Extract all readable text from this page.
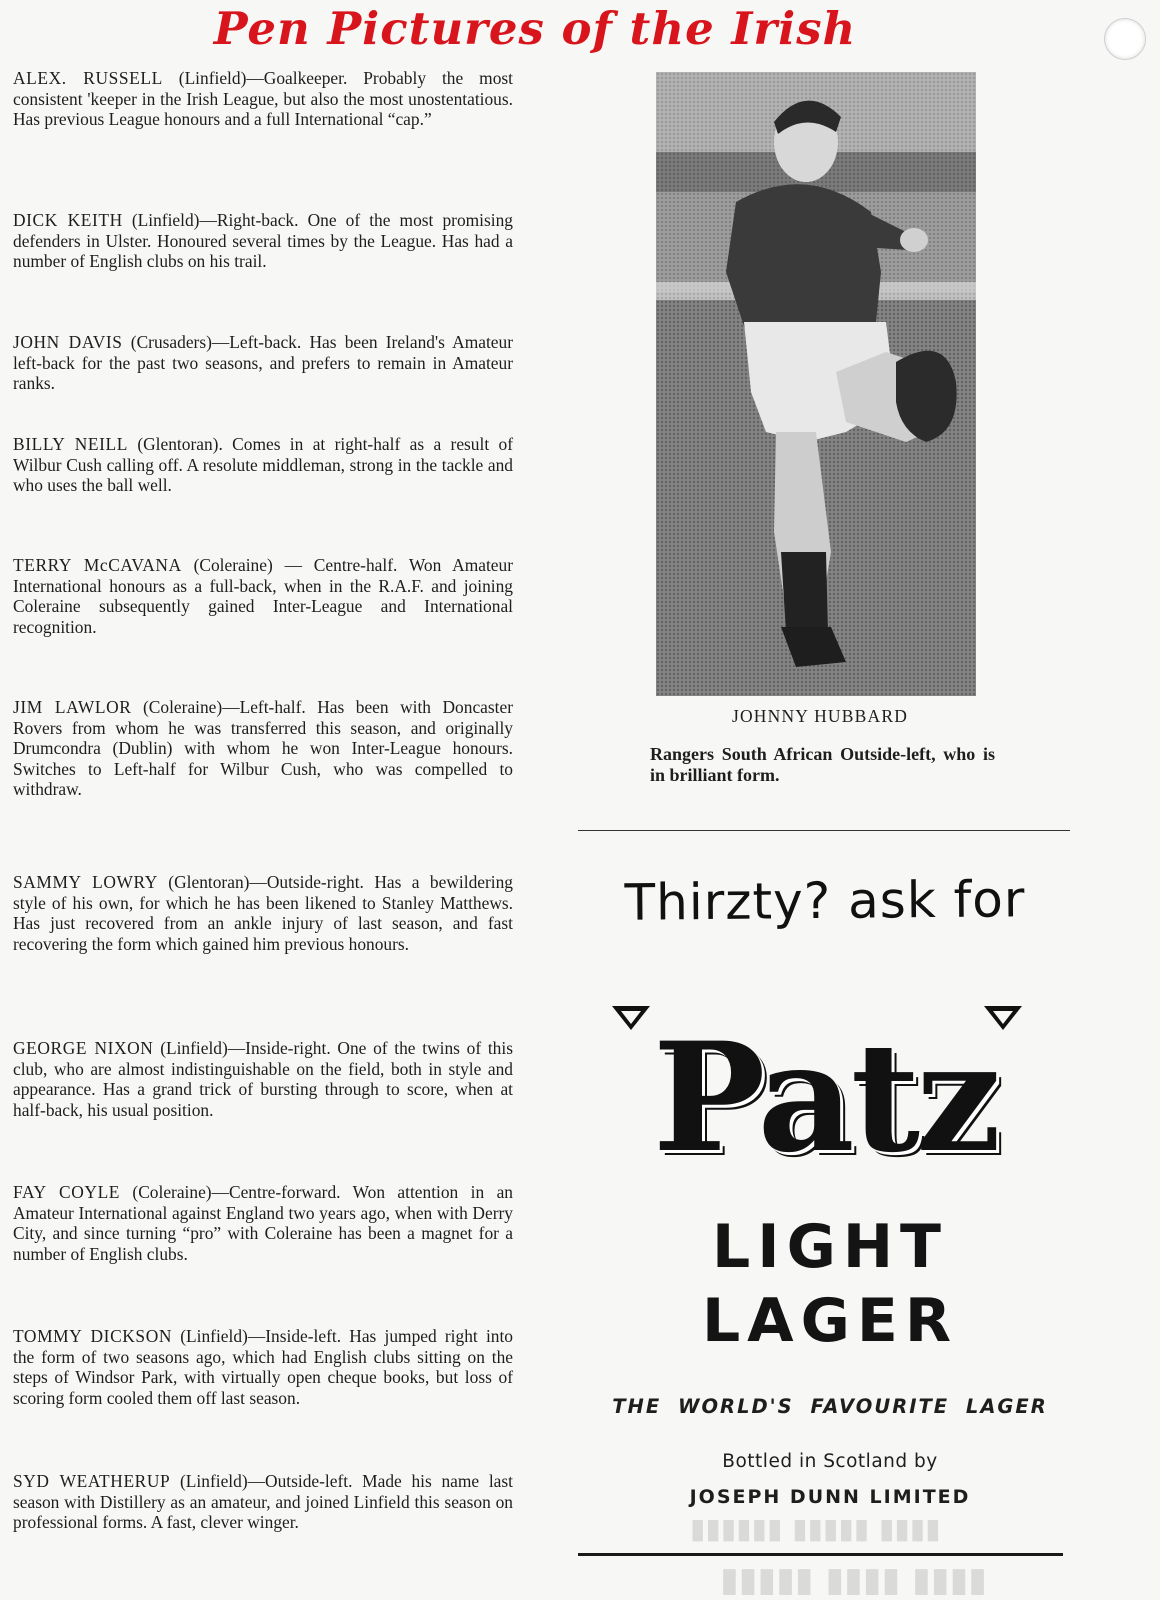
Pen Pictures of the Irish

ALEX. RUSSELL (Linfield)—Goalkeeper. Probably the most consistent 'keeper in the Irish League, but also the most unostentatious. Has previous League honours and a full International “cap.”

DICK KEITH (Linfield)—Right-back. One of the most promising defenders in Ulster. Honoured several times by the League. Has had a number of English clubs on his trail.

JOHN DAVIS (Crusaders)—Left-back. Has been Ireland's Amateur left-back for the past two seasons, and prefers to remain in Amateur ranks.

BILLY NEILL (Glentoran). Comes in at right-half as a result of Wilbur Cush calling off. A resolute middleman, strong in the tackle and who uses the ball well.

TERRY McCAVANA (Coleraine) — Centre-half. Won Amateur International honours as a full-back, when in the R.A.F. and joining Coleraine subsequently gained Inter-League and International recognition.

JIM LAWLOR (Coleraine)—Left-half. Has been with Doncaster Rovers from whom he was transferred this season, and originally Drumcondra (Dublin) with whom he won Inter-League honours. Switches to Left-half for Wilbur Cush, who was compelled to withdraw.

SAMMY LOWRY (Glentoran)—Outside-right. Has a bewildering style of his own, for which he has been likened to Stanley Matthews. Has just recovered from an ankle injury of last season, and fast recovering the form which gained him previous honours.

GEORGE NIXON (Linfield)—Inside-right. One of the twins of this club, who are almost indistinguishable on the field, both in style and appearance. Has a grand trick of bursting through to score, when at half-back, his usual position.

FAY COYLE (Coleraine)—Centre-forward. Won attention in an Amateur International against England two years ago, when with Derry City, and since turning “pro” with Coleraine has been a magnet for a number of English clubs.

TOMMY DICKSON (Linfield)—Inside-left. Has jumped right into the form of two seasons ago, which had English clubs sitting on the steps of Windsor Park, with virtually open cheque books, but loss of scoring form cooled them off last season.

SYD WEATHERUP (Linfield)—Outside-left. Made his name last season with Distillery as an amateur, and joined Linfield this season on professional forms. A fast, clever winger.

JOHNNY HUBBARD
Rangers South African Outside-left, who is in brilliant form.
Thirzty? ask for
Patz
LIGHT
LAGER
THE WORLD'S FAVOURITE LAGER
Bottled in Scotland by
JOSEPH DUNN LIMITED
▮▮▮▮ ▮▮▮▮▮ ▮▮▮▮▮▮
▮▮▮▮ ▮▮▮▮ ▮▮▮▮▮
